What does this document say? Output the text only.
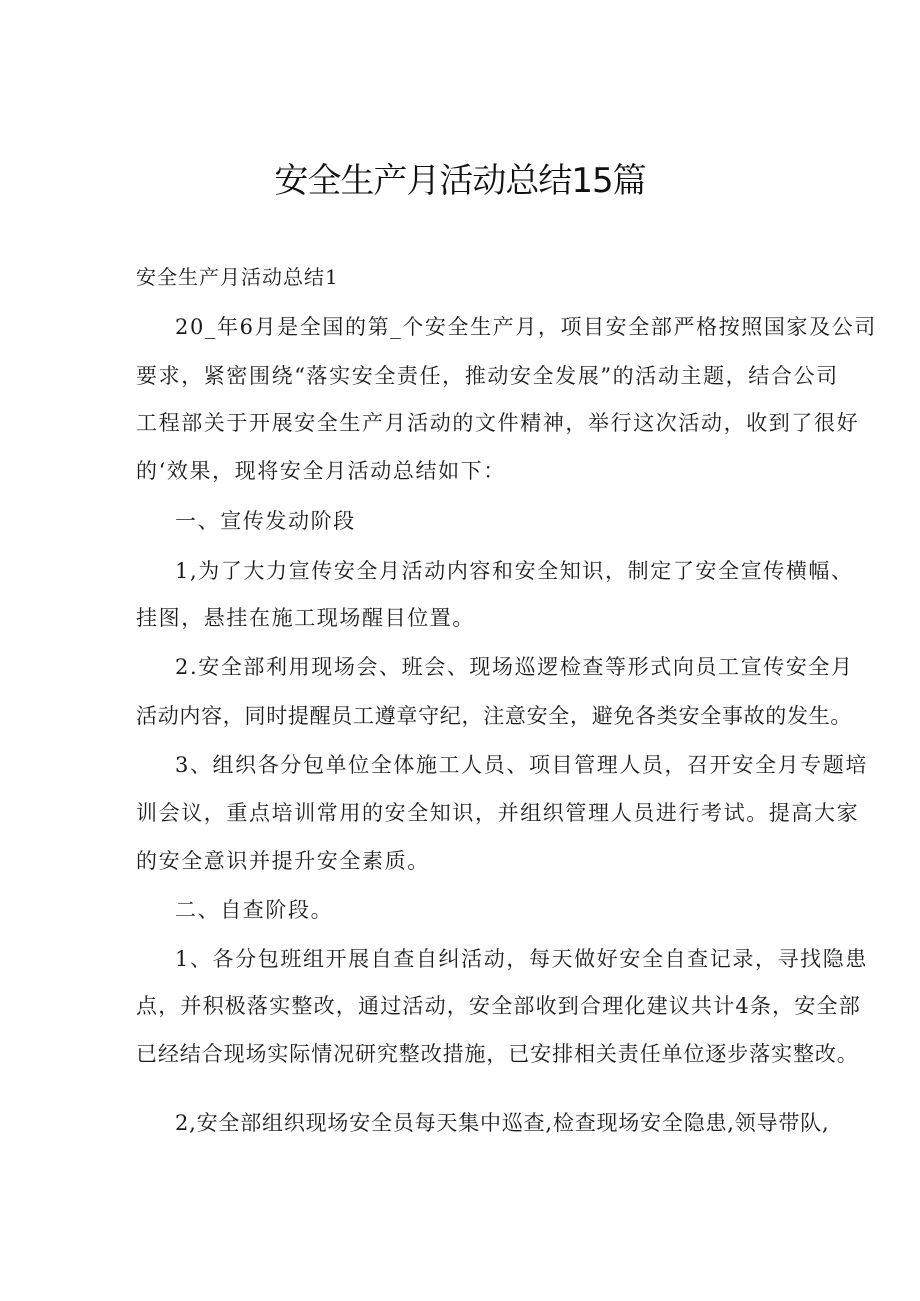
安全生产月活动总结15篇

安全生产月活动总结1

20_年6月是全国的第_个安全生产月，项目安全部严格按照国家及公司

要求，紧密围绕“落实安全责任，推动安全发展”的活动主题，结合公司

工程部关于开展安全生产月活动的文件精神，举行这次活动，收到了很好

的‘效果，现将安全月活动总结如下：

一、宣传发动阶段

1,为了大力宣传安全月活动内容和安全知识，制定了安全宣传横幅、

挂图，悬挂在施工现场醒目位置。

2.安全部利用现场会、班会、现场巡逻检查等形式向员工宣传安全月

活动内容，同时提醒员工遵章守纪，注意安全，避免各类安全事故的发生。

3、组织各分包单位全体施工人员、项目管理人员，召开安全月专题培

训会议，重点培训常用的安全知识，并组织管理人员进行考试。提高大家

的安全意识并提升安全素质。

二、自查阶段。

1、各分包班组开展自查自纠活动，每天做好安全自查记录，寻找隐患

点，并积极落实整改，通过活动，安全部收到合理化建议共计4条，安全部

已经结合现场实际情况研究整改措施，已安排相关责任单位逐步落实整改。

2,安全部组织现场安全员每天集中巡查,检查现场安全隐患,领导带队,
